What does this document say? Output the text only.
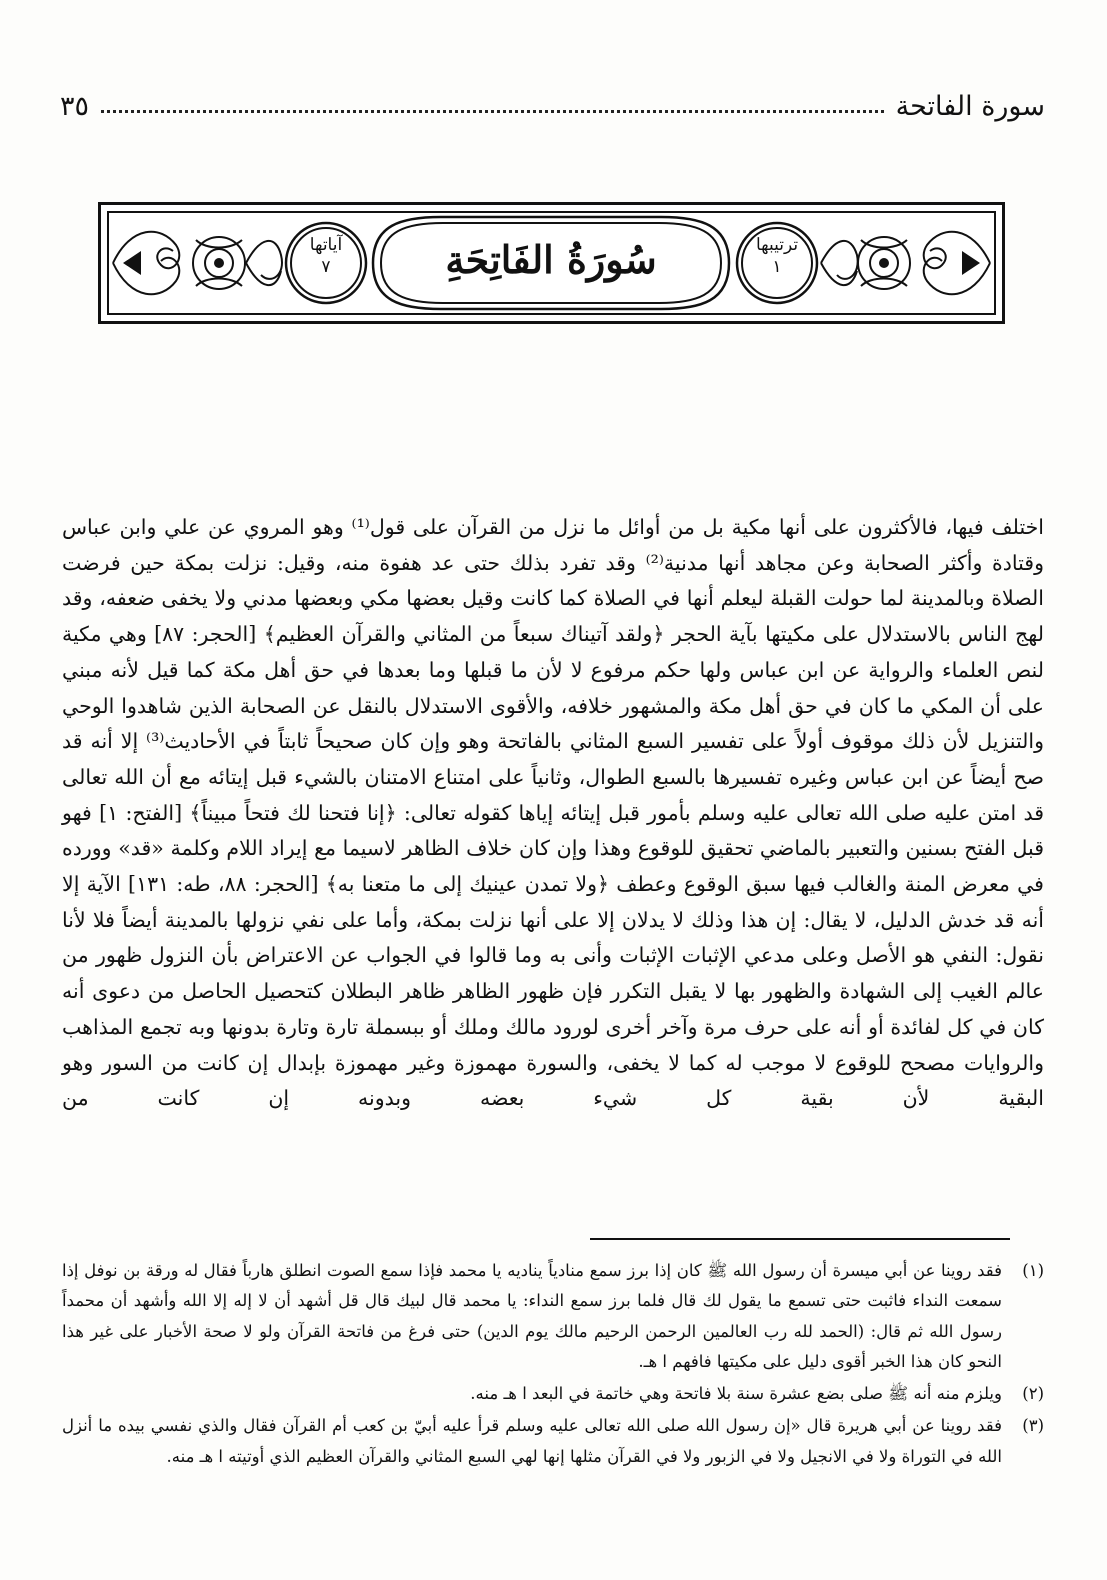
سورة الفاتحة
٣٥
آياتها
٧	سُورَةُ الفَاتِحَةِ	ترتيبها
١

اختلف فيها، فالأكثرون على أنها مكية بل من أوائل ما نزل من القرآن على قول⁽¹⁾ وهو المروي عن علي وابن عباس وقتادة وأكثر الصحابة وعن مجاهد أنها مدنية⁽²⁾ وقد تفرد بذلك حتى عد هفوة منه، وقيل: نزلت بمكة حين فرضت الصلاة وبالمدينة لما حولت القبلة ليعلم أنها في الصلاة كما كانت وقيل بعضها مكي وبعضها مدني ولا يخفى ضعفه، وقد لهج الناس بالاستدلال على مكيتها بآية الحجر ﴿ولقد آتيناك سبعاً من المثاني والقرآن العظيم﴾ [الحجر: ٨٧] وهي مكية لنص العلماء والرواية عن ابن عباس ولها حكم مرفوع لا لأن ما قبلها وما بعدها في حق أهل مكة كما قيل لأنه مبني على أن المكي ما كان في حق أهل مكة والمشهور خلافه، والأقوى الاستدلال بالنقل عن الصحابة الذين شاهدوا الوحي والتنزيل لأن ذلك موقوف أولاً على تفسير السبع المثاني بالفاتحة وهو وإن كان صحيحاً ثابتاً في الأحاديث⁽³⁾ إلا أنه قد صح أيضاً عن ابن عباس وغيره تفسيرها بالسبع الطوال، وثانياً على امتناع الامتنان بالشيء قبل إيتائه مع أن الله تعالى قد امتن عليه صلى الله تعالى عليه وسلم بأمور قبل إيتائه إياها كقوله تعالى: ﴿إنا فتحنا لك فتحاً مبيناً﴾ [الفتح: ١] فهو قبل الفتح بسنين والتعبير بالماضي تحقيق للوقوع وهذا وإن كان خلاف الظاهر لاسيما مع إيراد اللام وكلمة «قد» وورده في معرض المنة والغالب فيها سبق الوقوع وعطف ﴿ولا تمدن عينيك إلى ما متعنا به﴾ [الحجر: ٨٨، طه: ١٣١] الآية إلا أنه قد خدش الدليل، لا يقال: إن هذا وذلك لا يدلان إلا على أنها نزلت بمكة، وأما على نفي نزولها بالمدينة أيضاً فلا لأنا نقول: النفي هو الأصل وعلى مدعي الإثبات الإثبات وأنى به وما قالوا في الجواب عن الاعتراض بأن النزول ظهور من عالم الغيب إلى الشهادة والظهور بها لا يقبل التكرر فإن ظهور الظاهر ظاهر البطلان كتحصيل الحاصل من دعوى أنه كان في كل لفائدة أو أنه على حرف مرة وآخر أخرى لورود مالك وملك أو ببسملة تارة وتارة بدونها وبه تجمع المذاهب والروايات مصحح للوقوع لا موجب له كما لا يخفى، والسورة مهموزة وغير مهموزة بإبدال إن كانت من السور وهو البقية لأن بقية كل شيء بعضه وبدونه إن كانت من

(١)
فقد روينا عن أبي ميسرة أن رسول الله ﷺ كان إذا برز سمع منادياً يناديه يا محمد فإذا سمع الصوت انطلق هارباً فقال له ورقة بن نوفل إذا سمعت النداء فاثبت حتى تسمع ما يقول لك قال فلما برز سمع النداء: يا محمد قال لبيك قال قل أشهد أن لا إله إلا الله وأشهد أن محمداً رسول الله ثم قال: (الحمد لله رب العالمين الرحمن الرحيم مالك يوم الدين) حتى فرغ من فاتحة القرآن ولو لا صحة الأخبار على غير هذا النحو كان هذا الخبر أقوى دليل على مكيتها فافهم ا هـ.
(٢)
ويلزم منه أنه ﷺ صلى بضع عشرة سنة بلا فاتحة وهي خاتمة في البعد ا هـ منه.
(٣)
فقد روينا عن أبي هريرة قال «إن رسول الله صلى الله تعالى عليه وسلم قرأ عليه أبيّ بن كعب أم القرآن فقال والذي نفسي بيده ما أنزل الله في التوراة ولا في الانجيل ولا في الزبور ولا في القرآن مثلها إنها لهي السبع المثاني والقرآن العظيم الذي أوتيته ا هـ منه.
